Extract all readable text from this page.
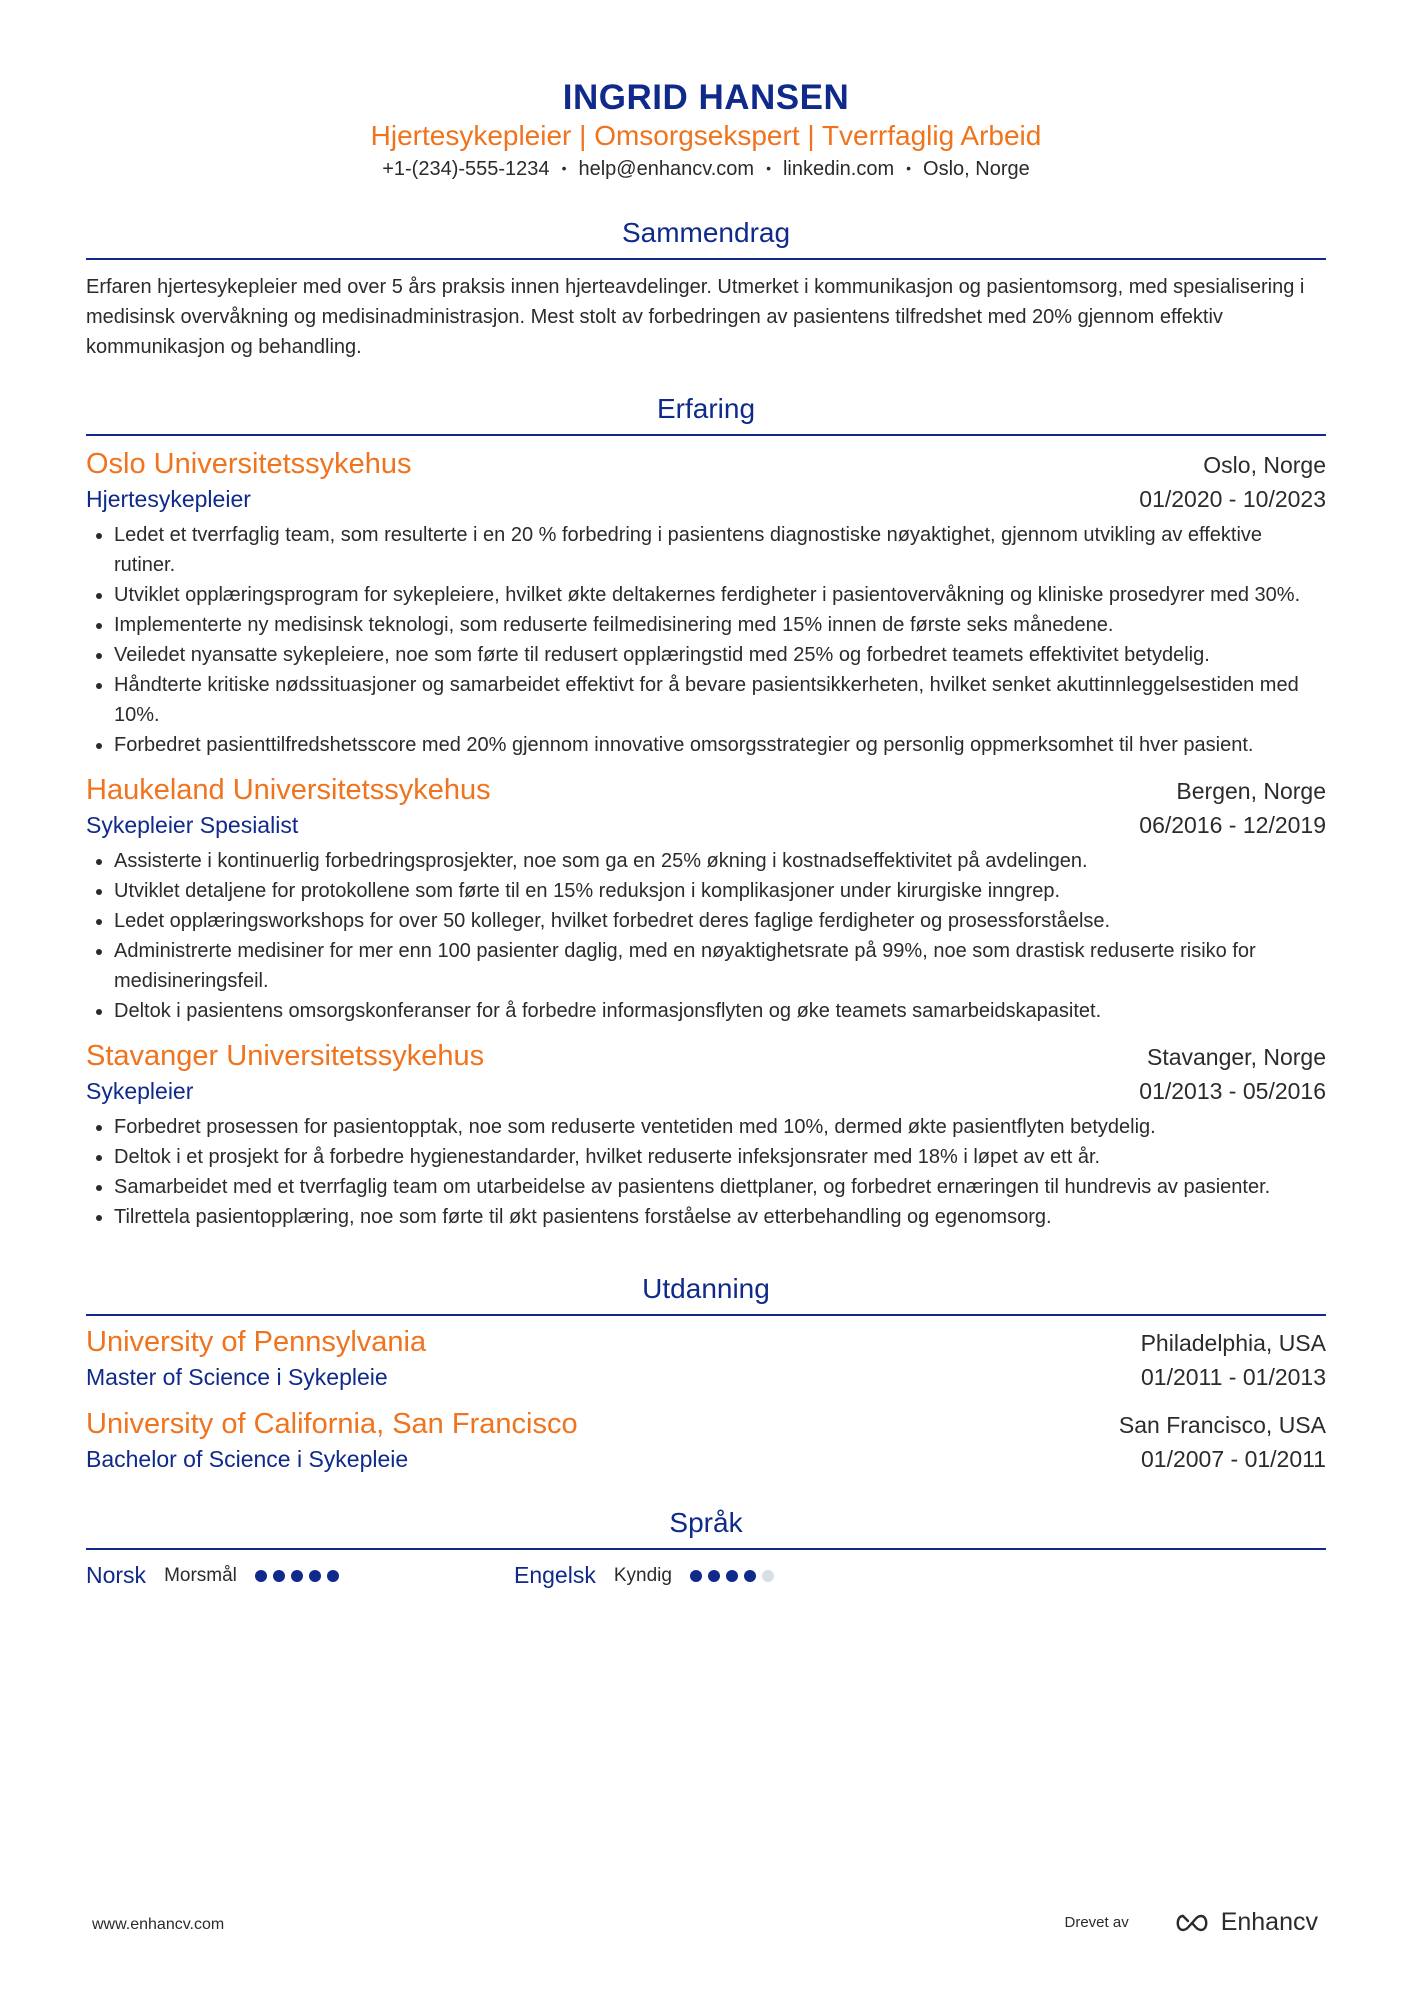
INGRID HANSEN
Hjertesykepleier | Omsorgsekspert | Tverrfaglig Arbeid
+1-(234)-555-1234 • help@enhancv.com • linkedin.com • Oslo, Norge
Sammendrag
Erfaren hjertesykepleier med over 5 års praksis innen hjerteavdelinger. Utmerket i kommunikasjon og pasientomsorg, med spesialisering i medisinsk overvåkning og medisinadministrasjon. Mest stolt av forbedringen av pasientens tilfredshet med 20% gjennom effektiv kommunikasjon og behandling.
Erfaring
Oslo Universitetssykehus	Oslo, Norge
Hjertesykepleier	01/2020 - 10/2023
Ledet et tverrfaglig team, som resulterte i en 20 % forbedring i pasientens diagnostiske nøyaktighet, gjennom utvikling av effektive rutiner.
Utviklet opplæringsprogram for sykepleiere, hvilket økte deltakernes ferdigheter i pasientovervåkning og kliniske prosedyrer med 30%.
Implementerte ny medisinsk teknologi, som reduserte feilmedisinering med 15% innen de første seks månedene.
Veiledet nyansatte sykepleiere, noe som førte til redusert opplæringstid med 25% og forbedret teamets effektivitet betydelig.
Håndterte kritiske nødssituasjoner og samarbeidet effektivt for å bevare pasientsikkerheten, hvilket senket akuttinnleggelsestiden med 10%.
Forbedret pasienttilfredshetsscore med 20% gjennom innovative omsorgsstrategier og personlig oppmerksomhet til hver pasient.
Haukeland Universitetssykehus	Bergen, Norge
Sykepleier Spesialist	06/2016 - 12/2019
Assisterte i kontinuerlig forbedringsprosjekter, noe som ga en 25% økning i kostnadseffektivitet på avdelingen.
Utviklet detaljene for protokollene som førte til en 15% reduksjon i komplikasjoner under kirurgiske inngrep.
Ledet opplæringsworkshops for over 50 kolleger, hvilket forbedret deres faglige ferdigheter og prosessforståelse.
Administrerte medisiner for mer enn 100 pasienter daglig, med en nøyaktighetsrate på 99%, noe som drastisk reduserte risiko for medisineringsfeil.
Deltok i pasientens omsorgskonferanser for å forbedre informasjonsflyten og øke teamets samarbeidskapasitet.
Stavanger Universitetssykehus	Stavanger, Norge
Sykepleier	01/2013 - 05/2016
Forbedret prosessen for pasientopptak, noe som reduserte ventetiden med 10%, dermed økte pasientflyten betydelig.
Deltok i et prosjekt for å forbedre hygienestandarder, hvilket reduserte infeksjonsrater med 18% i løpet av ett år.
Samarbeidet med et tverrfaglig team om utarbeidelse av pasientens diettplaner, og forbedret ernæringen til hundrevis av pasienter.
Tilrettela pasientopplæring, noe som førte til økt pasientens forståelse av etterbehandling og egenomsorg.
Utdanning
University of Pennsylvania	Philadelphia, USA
Master of Science i Sykepleie	01/2011 - 01/2013
University of California, San Francisco	San Francisco, USA
Bachelor of Science i Sykepleie	01/2007 - 01/2011
Språk
Norsk Morsmål	Engelsk Kyndig
www.enhancv.com	Drevet av	Enhancv
